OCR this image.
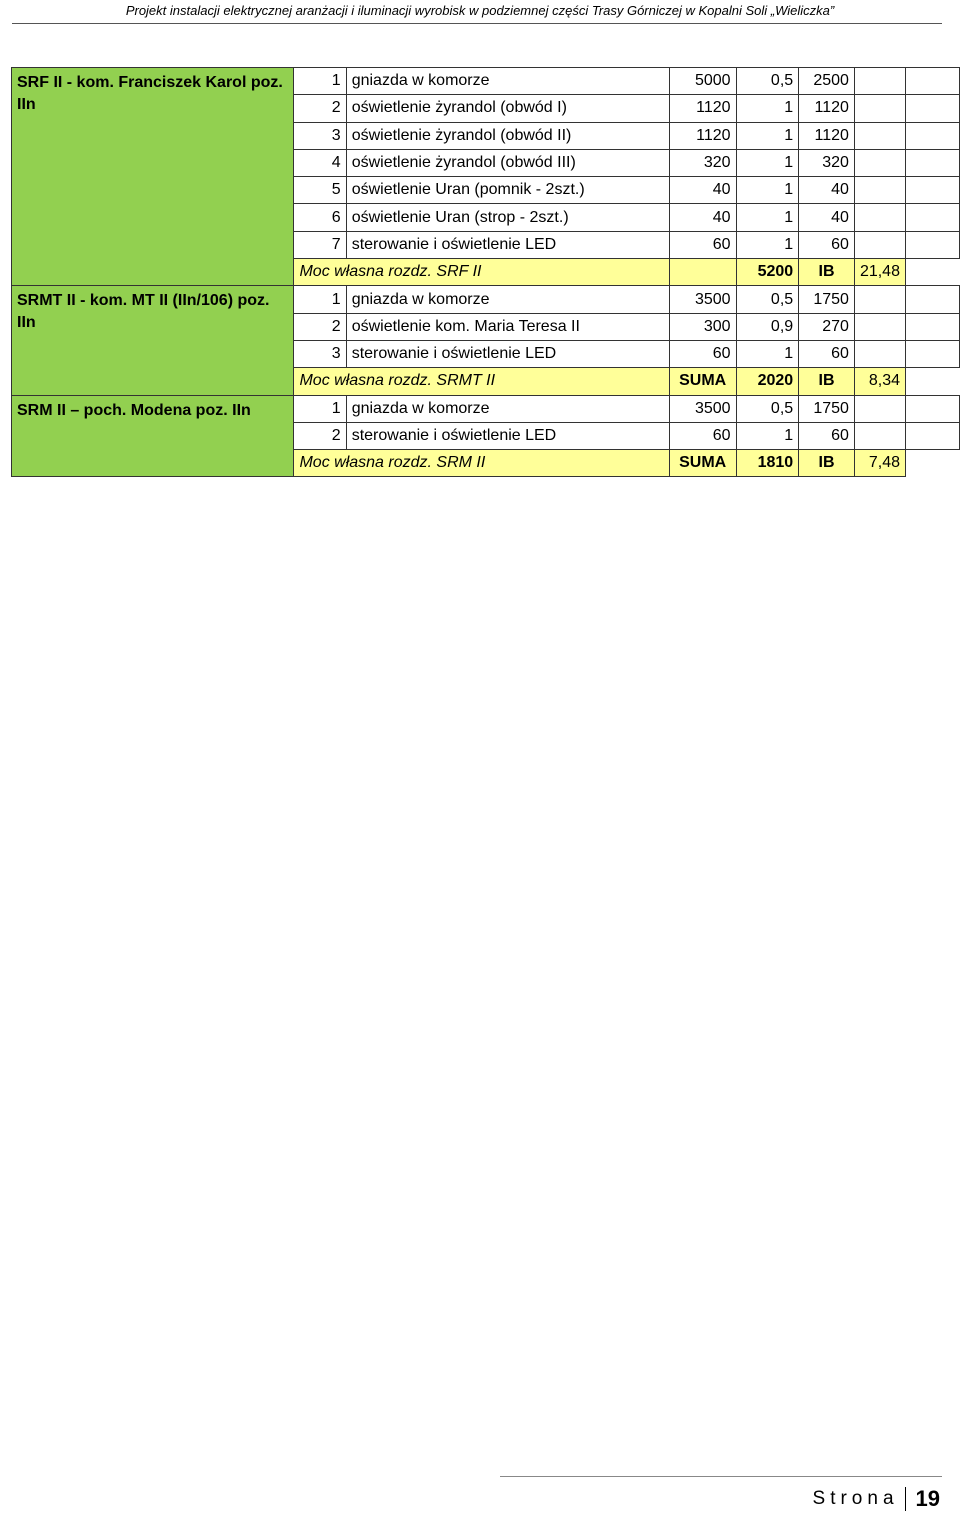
Projekt instalacji elektrycznej aranżacji i iluminacji wyrobisk w podziemnej części Trasy Górniczej w Kopalni Soli „Wieliczka”
SRF II - kom. Franciszek Karol poz. IIn	1	gniazda w komorze	5000	0,5	2500		
	2	oświetlenie żyrandol (obwód I)	1120	1	1120		
	3	oświetlenie żyrandol (obwód II)	1120	1	1120		
	4	oświetlenie żyrandol (obwód III)	320	1	320		
	5	oświetlenie Uran (pomnik - 2szt.)	40	1	40		
	6	oświetlenie Uran (strop - 2szt.)	40	1	40		
	7	sterowanie i oświetlenie LED	60	1	60		
	Moc własna rozdz. SRF II			5200	IB	21,48	
SRMT II - kom. MT II (IIn/106) poz. IIn	1	gniazda w komorze	3500	0,5	1750		
	2	oświetlenie kom. Maria Teresa II	300	0,9	270		
	3	sterowanie i oświetlenie LED	60	1	60		
	Moc własna rozdz. SRMT II		SUMA	2020	IB	8,34	
SRM II – poch. Modena poz. IIn	1	gniazda w komorze	3500	0,5	1750		
	2	sterowanie i oświetlenie LED	60	1	60		
	Moc własna rozdz. SRM II		SUMA	1810	IB	7,48	
Strona 19
